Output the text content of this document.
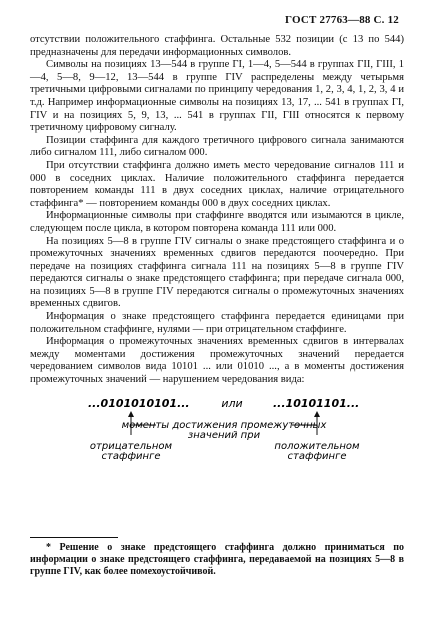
ГОСТ 27763—88 С. 12

отсутствии положительного стаффинга. Остальные 532 позиции (с 13 по 544) предназначены для передачи информационных символов.

Символы на позициях 13—544 в группе ГI, 1—4, 5—544 в группах ГII, ГIII, 1—4, 5—8, 9—12, 13—544 в группе ГIV распределены между четырьмя третичными цифровыми сигналами по принципу чередования 1, 2, 3, 4, 1, 2, 3, 4 и т.д. Например информационные символы на позициях 13, 17, ... 541 в группах ГI, ГIV и на позициях 5, 9, 13, ... 541 в группах ГII, ГIII относятся к первому третичному цифровому сигналу.

Позиции стаффинга для каждого третичного цифрового сигнала занимаются либо сигналом 111, либо сигналом 000.

При отсутствии стаффинга должно иметь место чередование сигналов 111 и 000 в соседних циклах. Наличие положительного стаффинга передается повторением команды 111 в двух соседних циклах, наличие отрицательного стаффинга* — повторением команды 000 в двух соседних циклах.

Информационные символы при стаффинге вводятся или изымаются в цикле, следующем после цикла, в котором повторена команда 111 или 000.

На позициях 5—8 в группе ГIV сигналы о знаке предстоящего стаффинга и о промежуточных значениях временных сдвигов передаются поочередно. При передаче на позициях стаффинга сигнала 111 на позициях 5—8 в группе ГIV передаются сигналы о знаке предстоящего стаффинга; при передаче сигнала 000, на позициях 5—8 в группе ГIV передаются сигналы о промежуточных значениях временных сдвигов.

Информация о знаке предстоящего стаффинга передается единицами при положительном стаффинге, нулями — при отрицательном стаффинге.

Информация о промежуточных значениях временных сдвигов в интервалах между моментами достижения промежуточных значений передается чередованием символов вида 10101 ... или 01010 ..., а в моменты достижения промежуточных значений — нарушением чередования вида:

...0101010101...	или	...10101101...
моменты достижения промежуточных
значений при
отрицательном
стаффинге
положительном
стаффинге

* Решение о знаке предстоящего стаффинга должно приниматься по информации о знаке предстоящего стаффинга, передаваемой на позициях 5—8 в группе ГIV, как более помехоустойчивой.
